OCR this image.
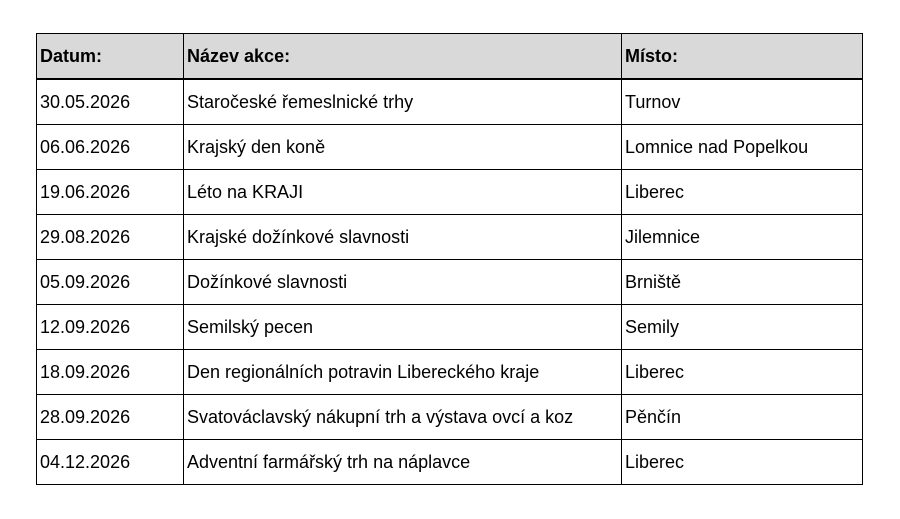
Datum:	Název akce:	Místo:
30.05.2026	Staročeské řemeslnické trhy	Turnov
06.06.2026	Krajský den koně	Lomnice nad Popelkou
19.06.2026	Léto na KRAJI	Liberec
29.08.2026	Krajské dožínkové slavnosti	Jilemnice
05.09.2026	Dožínkové slavnosti	Brniště
12.09.2026	Semilský pecen	Semily
18.09.2026	Den regionálních potravin Libereckého kraje	Liberec
28.09.2026	Svatováclavský nákupní trh a výstava ovcí a koz	Pěnčín
04.12.2026	Adventní farmářský trh na náplavce	Liberec
